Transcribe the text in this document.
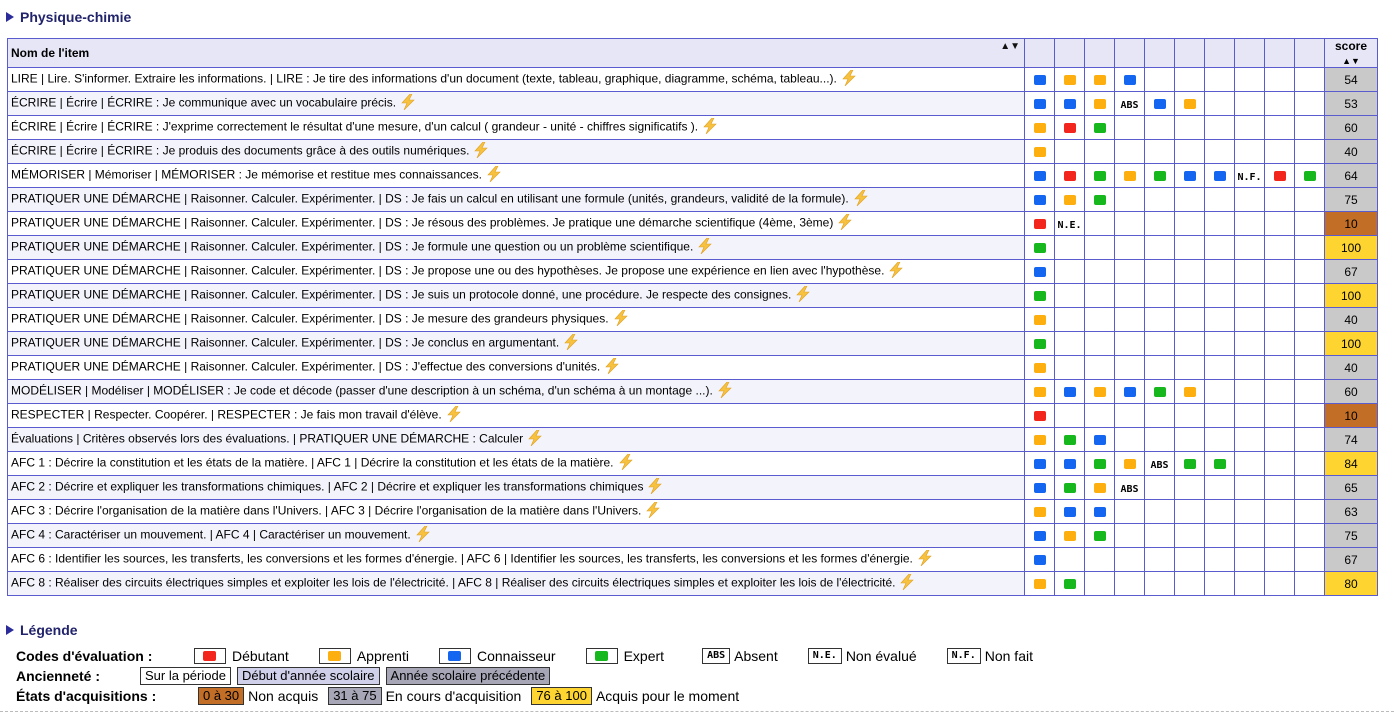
Physique-chimie
Nom de l'item ▲▼											score ▲▼
LIRE | Lire. S'informer. Extraire les informations. | LIRE : Je tire des informations d'un document (texte, tableau, graphique, diagramme, schéma, tableau...).											54
ÉCRIRE | Écrire | ÉCRIRE : Je communique avec un vocabulaire précis.				ABS							53
ÉCRIRE | Écrire | ÉCRIRE : J'exprime correctement le résultat d'une mesure, d'un calcul ( grandeur - unité - chiffres significatifs ).											60
ÉCRIRE | Écrire | ÉCRIRE : Je produis des documents grâce à des outils numériques.											40
MÉMORISER | Mémoriser | MÉMORISER : Je mémorise et restitue mes connaissances.								N.F.			64
PRATIQUER UNE DÉMARCHE | Raisonner. Calculer. Expérimenter. | DS : Je fais un calcul en utilisant une formule (unités, grandeurs, validité de la formule).											75
PRATIQUER UNE DÉMARCHE | Raisonner. Calculer. Expérimenter. | DS : Je résous des problèmes. Je pratique une démarche scientifique (4ème, 3ème)		N.E.									10
PRATIQUER UNE DÉMARCHE | Raisonner. Calculer. Expérimenter. | DS : Je formule une question ou un problème scientifique.											100
PRATIQUER UNE DÉMARCHE | Raisonner. Calculer. Expérimenter. | DS : Je propose une ou des hypothèses. Je propose une expérience en lien avec l'hypothèse.											67
PRATIQUER UNE DÉMARCHE | Raisonner. Calculer. Expérimenter. | DS : Je suis un protocole donné, une procédure. Je respecte des consignes.											100
PRATIQUER UNE DÉMARCHE | Raisonner. Calculer. Expérimenter. | DS : Je mesure des grandeurs physiques.											40
PRATIQUER UNE DÉMARCHE | Raisonner. Calculer. Expérimenter. | DS : Je conclus en argumentant.											100
PRATIQUER UNE DÉMARCHE | Raisonner. Calculer. Expérimenter. | DS : J'effectue des conversions d'unités.											40
MODÉLISER | Modéliser | MODÉLISER : Je code et décode (passer d'une description à un schéma, d'un schéma à un montage ...).											60
RESPECTER | Respecter. Coopérer. | RESPECTER : Je fais mon travail d'élève.											10
Évaluations | Critères observés lors des évaluations. | PRATIQUER UNE DÉMARCHE : Calculer											74
AFC 1 : Décrire la constitution et les états de la matière. | AFC 1 | Décrire la constitution et les états de la matière.					ABS						84
AFC 2 : Décrire et expliquer les transformations chimiques. | AFC 2 | Décrire et expliquer les transformations chimiques				ABS							65
AFC 3 : Décrire l'organisation de la matière dans l'Univers. | AFC 3 | Décrire l'organisation de la matière dans l'Univers.											63
AFC 4 : Caractériser un mouvement. | AFC 4 | Caractériser un mouvement.											75
AFC 6 : Identifier les sources, les transferts, les conversions et les formes d'énergie. | AFC 6 | Identifier les sources, les transferts, les conversions et les formes d'énergie.											67
AFC 8 : Réaliser des circuits électriques simples et exploiter les lois de l'électricité. | AFC 8 | Réaliser des circuits électriques simples et exploiter les lois de l'électricité.											80
Légende
Codes d'évaluation :	Débutant	Apprenti	Connaisseur	Expert	ABS Absent	N.E. Non évalué	N.F. Non fait
Ancienneté :	Sur la période	Début d'année scolaire	Année scolaire précédente
États d'acquisitions :	0 à 30 Non acquis	31 à 75 En cours d'acquisition	76 à 100 Acquis pour le moment
